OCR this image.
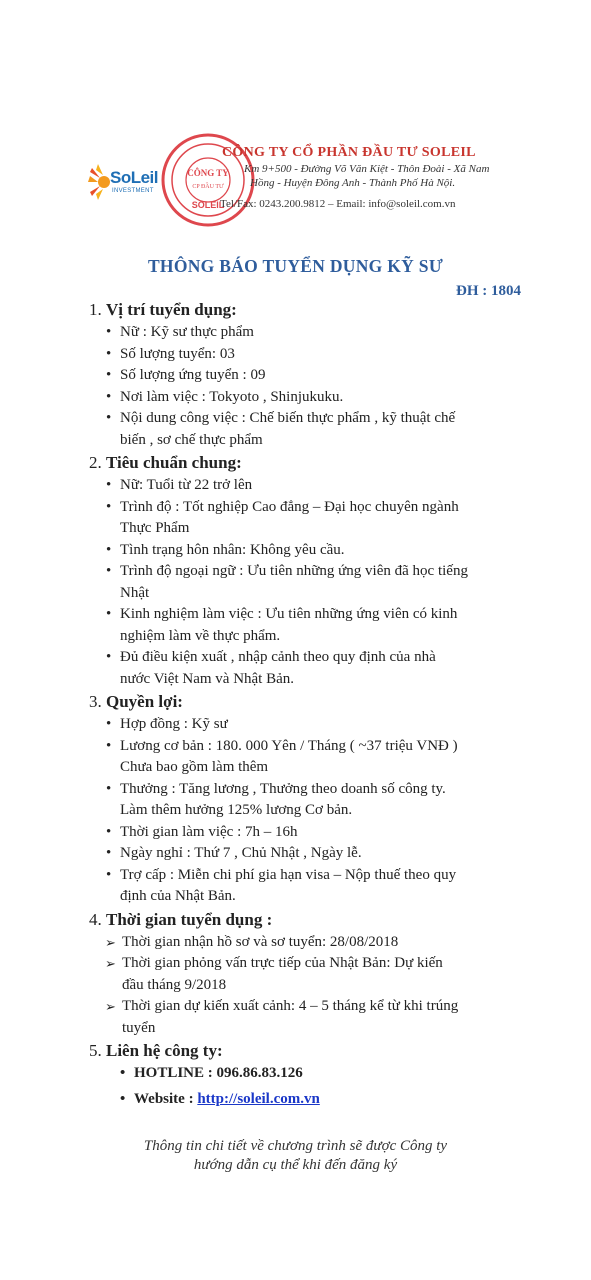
SoLeil
INVESTMENT
CÔNG TY
CP ĐẦU TƯ
SOLEIL
CÔNG TY CỔ PHẦN ĐẦU TƯ SOLEIL
Km 9+500 - Đường Võ Văn Kiệt - Thôn Đoài - Xã Nam
Hồng - Huyện Đông Anh - Thành Phố Hà Nội.
Tel/Fax: 0243.200.9812 – Email: info@soleil.com.vn
THÔNG BÁO TUYỂN DỤNG KỸ SƯ
ĐH : 1804
1. Vị trí tuyển dụng:
• Nữ : Kỹ sư thực phẩm
• Số lượng tuyển: 03
• Số lượng ứng tuyển : 09
• Nơi làm việc : Tokyoto , Shinjukuku.
• Nội dung công việc : Chế biến thực phẩm , kỹ thuật chế
biến , sơ chế thực phẩm
2. Tiêu chuẩn chung:
• Nữ: Tuổi từ 22 trở lên
• Trình độ : Tốt nghiệp Cao đẳng – Đại học chuyên ngành
Thực Phẩm
• Tình trạng hôn nhân: Không yêu cầu.
• Trình độ ngoại ngữ : Ưu tiên những ứng viên đã học tiếng
Nhật
• Kinh nghiệm làm việc : Ưu tiên những ứng viên có kinh
nghiệm làm về thực phẩm.
• Đủ điều kiện xuất , nhập cảnh theo quy định của nhà
nước Việt Nam và Nhật Bản.
3. Quyền lợi:
• Hợp đồng : Kỹ sư
• Lương cơ bản : 180. 000 Yên / Tháng ( ~37 triệu VNĐ )
Chưa bao gồm làm thêm
• Thưởng : Tăng lương , Thưởng theo doanh số công ty.
Làm thêm hưởng 125% lương Cơ bản.
• Thời gian làm việc : 7h – 16h
• Ngày nghỉ : Thứ 7 , Chủ Nhật , Ngày lễ.
• Trợ cấp : Miễn chi phí gia hạn visa – Nộp thuế theo quy
định của Nhật Bản.
4. Thời gian tuyển dụng :
➢ Thời gian nhận hồ sơ và sơ tuyển: 28/08/2018
➢ Thời gian phỏng vấn trực tiếp của Nhật Bản: Dự kiến
đầu tháng 9/2018
➢ Thời gian dự kiến xuất cảnh: 4 – 5 tháng kể từ khi trúng
tuyển
5. Liên hệ công ty:
• HOTLINE : 096.86.83.126
• Website : http://soleil.com.vn
Thông tin chi tiết về chương trình sẽ được Công ty
hướng dẫn cụ thể khi đến đăng ký
